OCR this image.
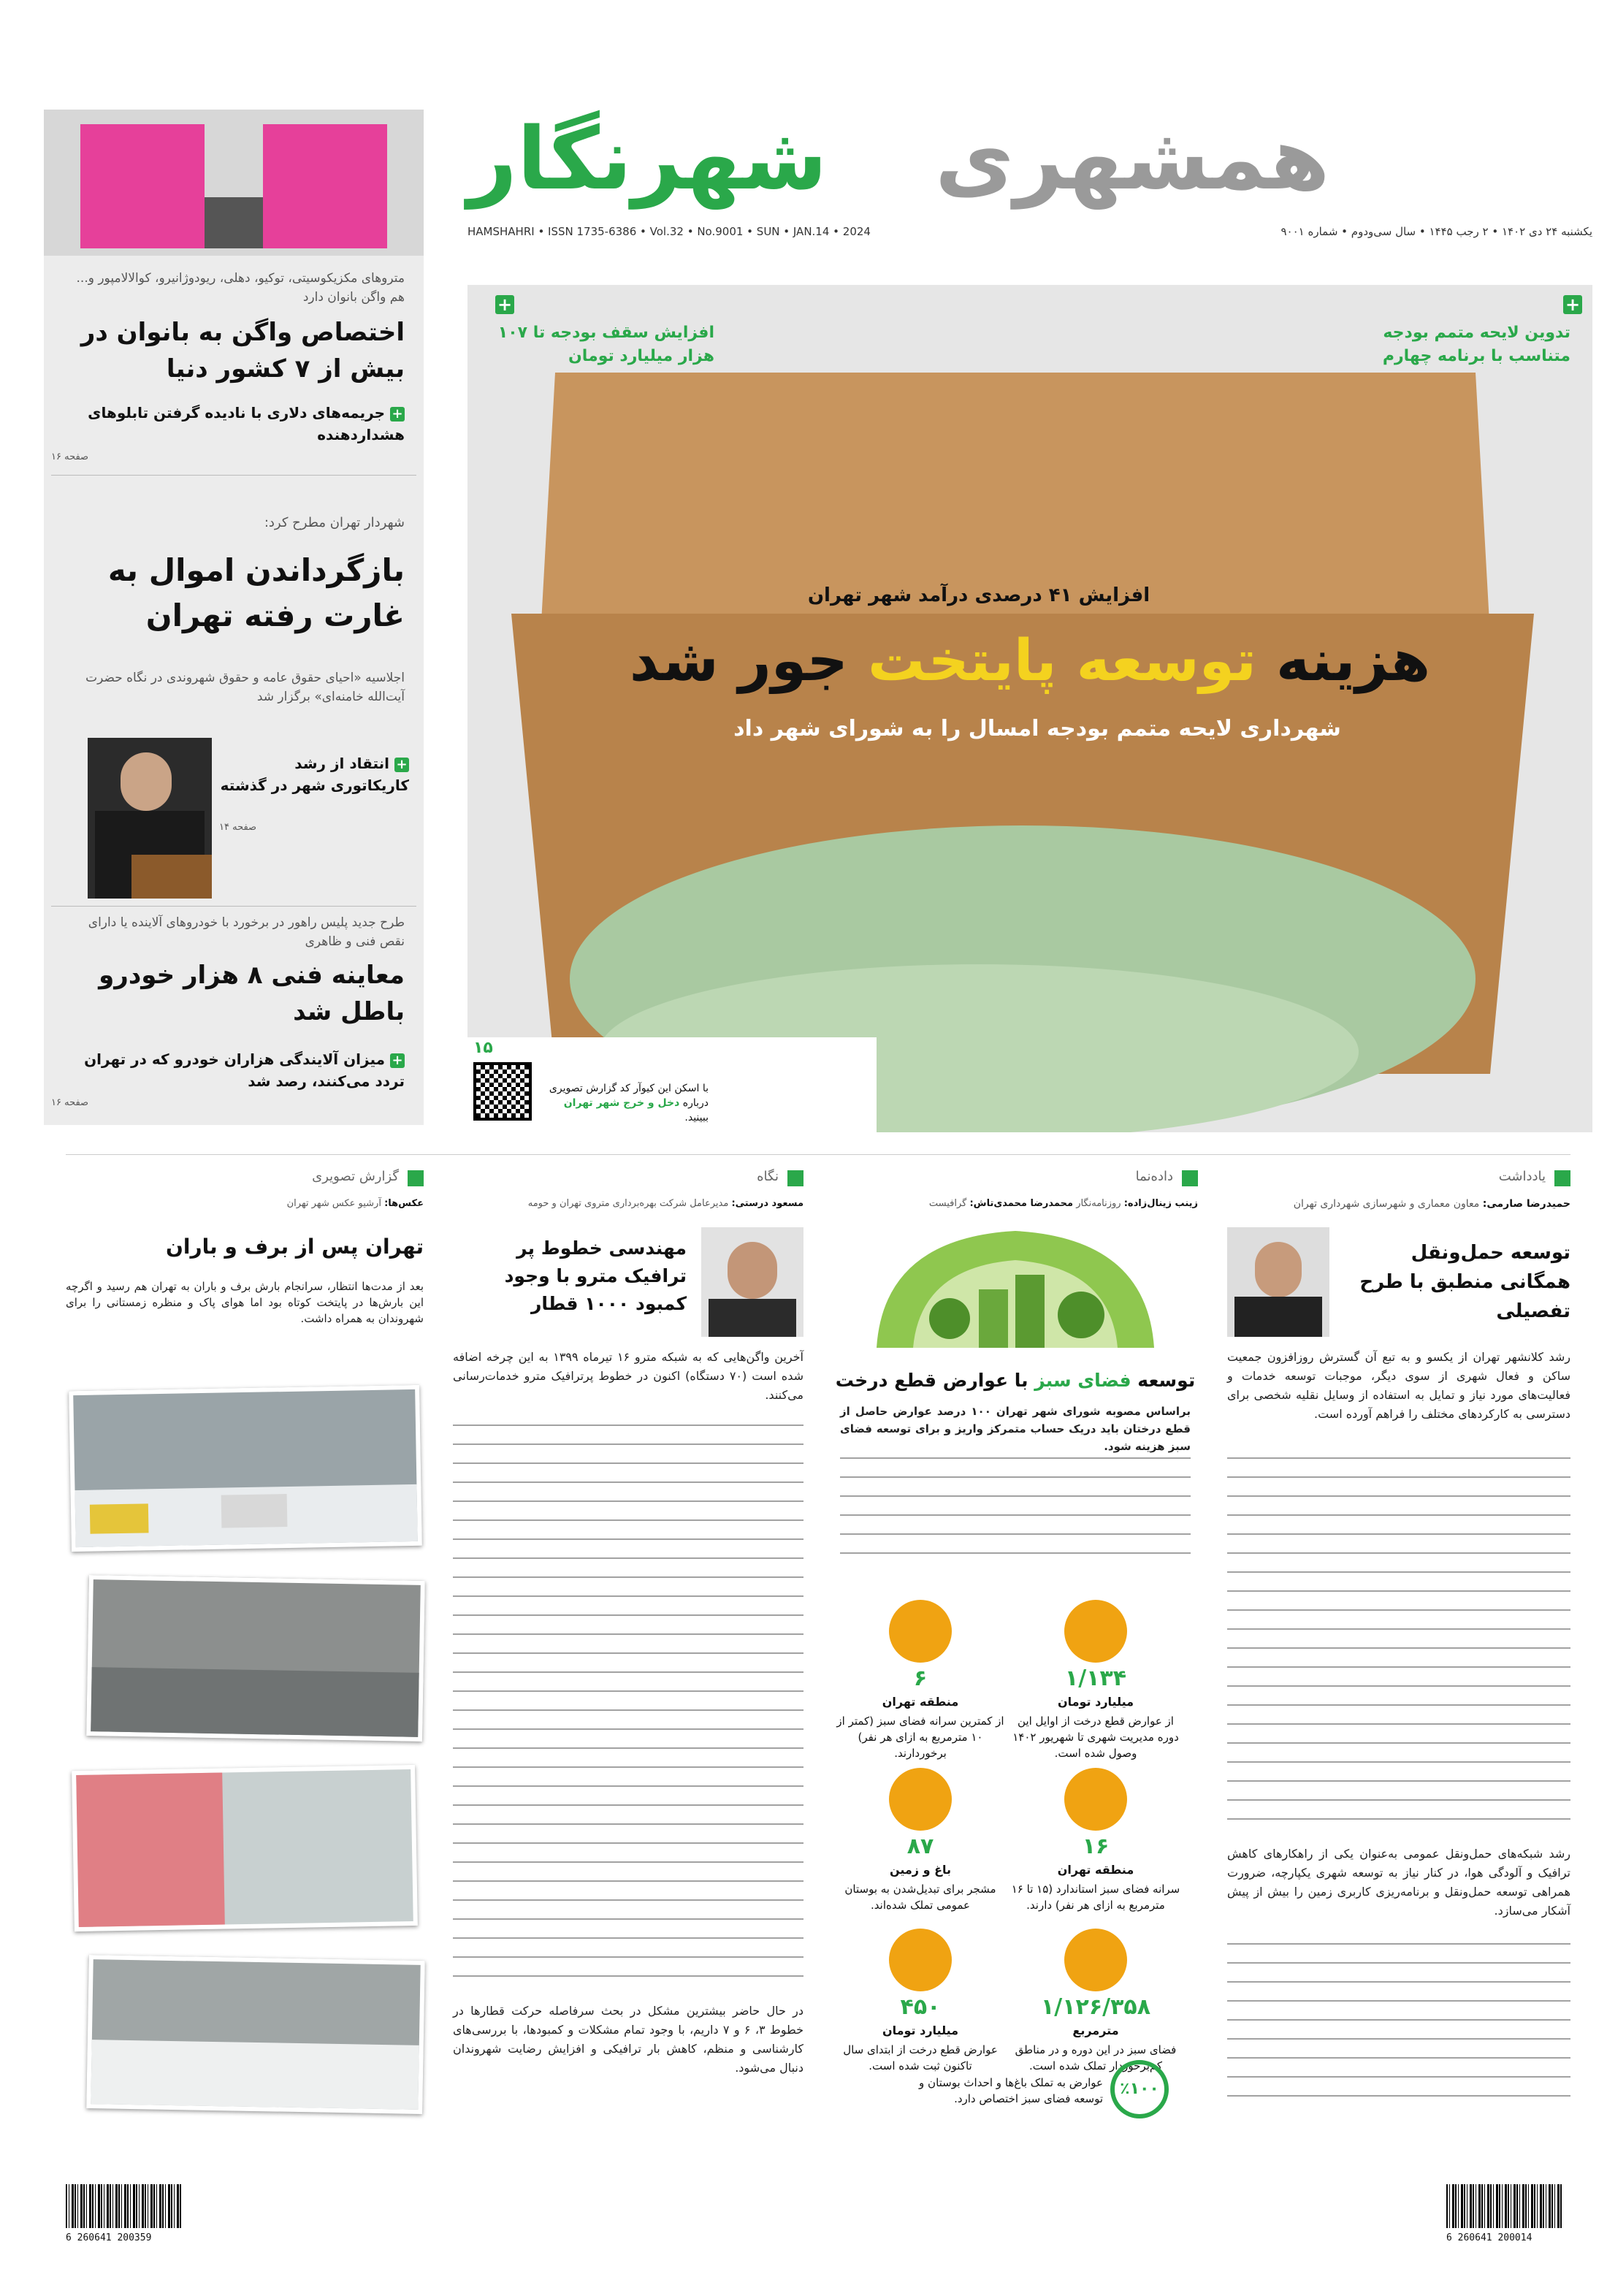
همشهری
شهرنگار
HAMSHAHRI • ISSN 1735-6386 • Vol.32 • No.9001 • SUN • JAN.14 • 2024	یکشنبه ۲۴ دی ۱۴۰۲ • ۲ رجب ۱۴۴۵ • سال سی‌ودوم • شماره ۹۰۰۱
+
افزایش سقف بودجه تا ۱۰۷ هزار میلیارد تومان
+
تدوین لایحه متمم بودجه متناسب با برنامه چهارم
افزایش ۴۱ درصدی درآمد شهر تهران
هزینه توسعه پایتخت جور شد
شهرداری لایحه متمم بودجه امسال را به شورای شهر داد
۱۵
با اسکن این کیوآر کد گزارش تصویری درباره دخل و خرج شهر تهران ببینید.
متروهای مکزیکوسیتی، توکیو، دهلی، ریودوژانیرو، کوالالامپور و... هم واگن بانوان دارد
اختصاص واگن به بانوان در بیش از ۷ کشور دنیا
+ جریمه‌های دلاری با نادیده گرفتن تابلوهای هشداردهنده
صفحه ۱۶
شهردار تهران مطرح کرد:
بازگرداندن اموال به غارت رفته تهران
اجلاسیه «احیای حقوق عامه و حقوق شهروندی در نگاه حضرت آیت‌الله خامنه‌ای» برگزار شد
+ انتقاد از رشد کاریکاتوری شهر در گذشته
صفحه ۱۴
طرح جدید پلیس راهور در برخورد با خودروهای آلاینده یا دارای نقص فنی و ظاهری
معاینه فنی ۸ هزار خودرو باطل شد
+ میزان آلایندگی هزاران خودرو که در تهران تردد می‌کنند، رصد شد
صفحه ۱۶
یادداشت
حمیدرضا صارمی: معاون معماری و شهرسازی شهرداری تهران
توسعه حمل‌ونقل همگانی منطبق با طرح تفصیلی
رشد کلانشهر تهران از یکسو و به تبع آن گسترش روزافزون جمعیت ساکن و فعال شهری از سوی دیگر، موجبات توسعه خدمات و فعالیت‌های مورد نیاز و تمایل به استفاده از وسایل نقلیه شخصی برای دسترسی به کارکردهای مختلف را فراهم آورده است.
رشد شبکه‌های حمل‌ونقل عمومی به‌عنوان یکی از راهکارهای کاهش ترافیک و آلودگی هوا، در کنار نیاز به توسعه شهری یکپارچه، ضرورت همراهی توسعه حمل‌ونقل و برنامه‌ریزی کاربری زمین را بیش از پیش آشکار می‌سازد.
داده‌نما
زینب زینال‌زاده: روزنامه‌نگار محمدرضا محمدی‌تاش: گرافیست
توسعه فضای سبز با عوارض قطع درخت
براساس مصوبه شورای شهر تهران ۱۰۰ درصد عوارض حاصل از قطع درختان باید دریک حساب متمرکز واریز و برای توسعه فضای سبز هزینه شود.
۱/۱۳۴
میلیارد تومان
از عوارض قطع درخت از اوایل این دوره مدیریت شهری تا شهریور ۱۴۰۲ وصول شده است.
۶
منطقه تهران
از کمترین سرانه فضای سبز (کمتر از ۱۰ مترمربع به ازای هر نفر) برخوردارند.
۱۶
منطقه تهران
سرانه فضای سبز استاندارد (۱۵ تا ۱۶ مترمربع به ازای هر نفر) دارند.
۸۷
باغ و زمین
مشجر برای تبدیل‌شدن به بوستان عمومی تملک شده‌اند.
۱/۱۲۶/۳۵۸
مترمربع
فضای سبز در این دوره و در مناطق کم‌برخوردار تملک شده است.
۴۵۰
میلیارد تومان
عوارض قطع درخت از ابتدای سال تاکنون ثبت شده است.
٪۱۰۰
عوارض به تملک باغ‌ها و احداث بوستان و توسعه فضای سبز اختصاص دارد.
نگاه
مسعود درستی: مدیرعامل شرکت بهره‌برداری متروی تهران و حومه
مهندسی خطوط پر ترافیک مترو با وجود کمبود ۱۰۰۰ قطار
آخرین واگن‌هایی که به شبکه مترو ۱۶ تیرماه ۱۳۹۹ به این چرخه اضافه شده است (۷۰ دستگاه) اکنون در خطوط پرترافیک مترو خدمات‌رسانی می‌کنند.
در حال حاضر بیشترین مشکل در بحث سرفاصله حرکت قطارها در خطوط ۳، ۶ و ۷ داریم، با وجود تمام مشکلات و کمبودها، با بررسی‌های کارشناسی و منظم، کاهش بار ترافیکی و افزایش رضایت شهروندان دنبال می‌شود.
گزارش تصویری
عکس‌ها: آرشیو عکس شهر تهران
تهران پس از برف و باران
بعد از مدت‌ها انتظار، سرانجام بارش برف و باران به تهران هم رسید و اگرچه این بارش‌ها در پایتخت کوتاه بود اما هوای پاک و منظره زمستانی را برای شهروندان به همراه داشت.
6 260641 200359	6 260641 200014
